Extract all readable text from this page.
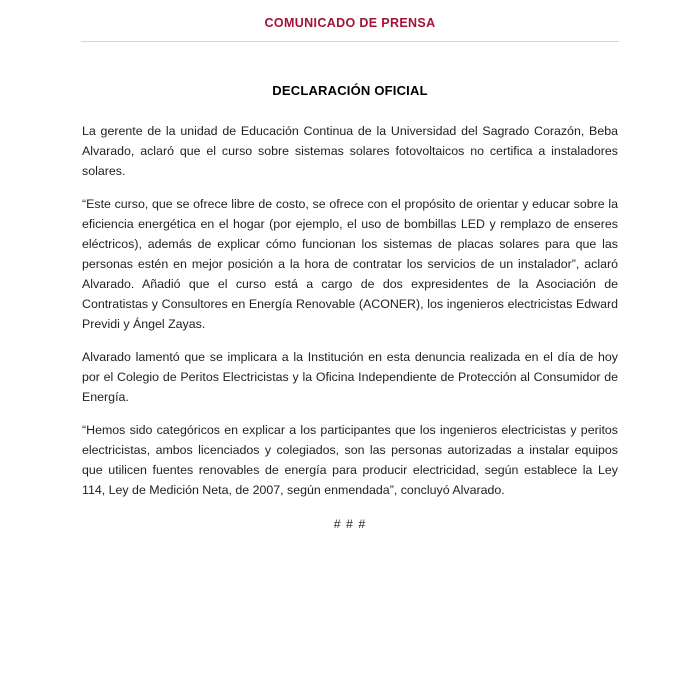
COMUNICADO DE PRENSA
DECLARACIÓN OFICIAL

La gerente de la unidad de Educación Continua de la Universidad del Sagrado Corazón, Beba Alvarado, aclaró que el curso sobre sistemas solares fotovoltaicos no certifica a instaladores solares.

“Este curso, que se ofrece libre de costo, se ofrece con el propósito de orientar y educar sobre la eficiencia energética en el hogar (por ejemplo, el uso de bombillas LED y remplazo de enseres eléctricos), además de explicar cómo funcionan los sistemas de placas solares para que las personas estén en mejor posición a la hora de contratar los servicios de un instalador”, aclaró Alvarado. Añadió que el curso está a cargo de dos expresidentes de la Asociación de Contratistas y Consultores en Energía Renovable (ACONER), los ingenieros electricistas Edward Previdi y Ángel Zayas.

Alvarado lamentó que se implicara a la Institución en esta denuncia realizada en el día de hoy por el Colegio de Peritos Electricistas y la Oficina Independiente de Protección al Consumidor de Energía.

“Hemos sido categóricos en explicar a los participantes que los ingenieros electricistas y peritos electricistas, ambos licenciados y colegiados, son las personas autorizadas a instalar equipos que utilicen fuentes renovables de energía para producir electricidad, según establece la Ley 114, Ley de Medición Neta, de 2007, según enmendada”, concluyó Alvarado.

# # #
